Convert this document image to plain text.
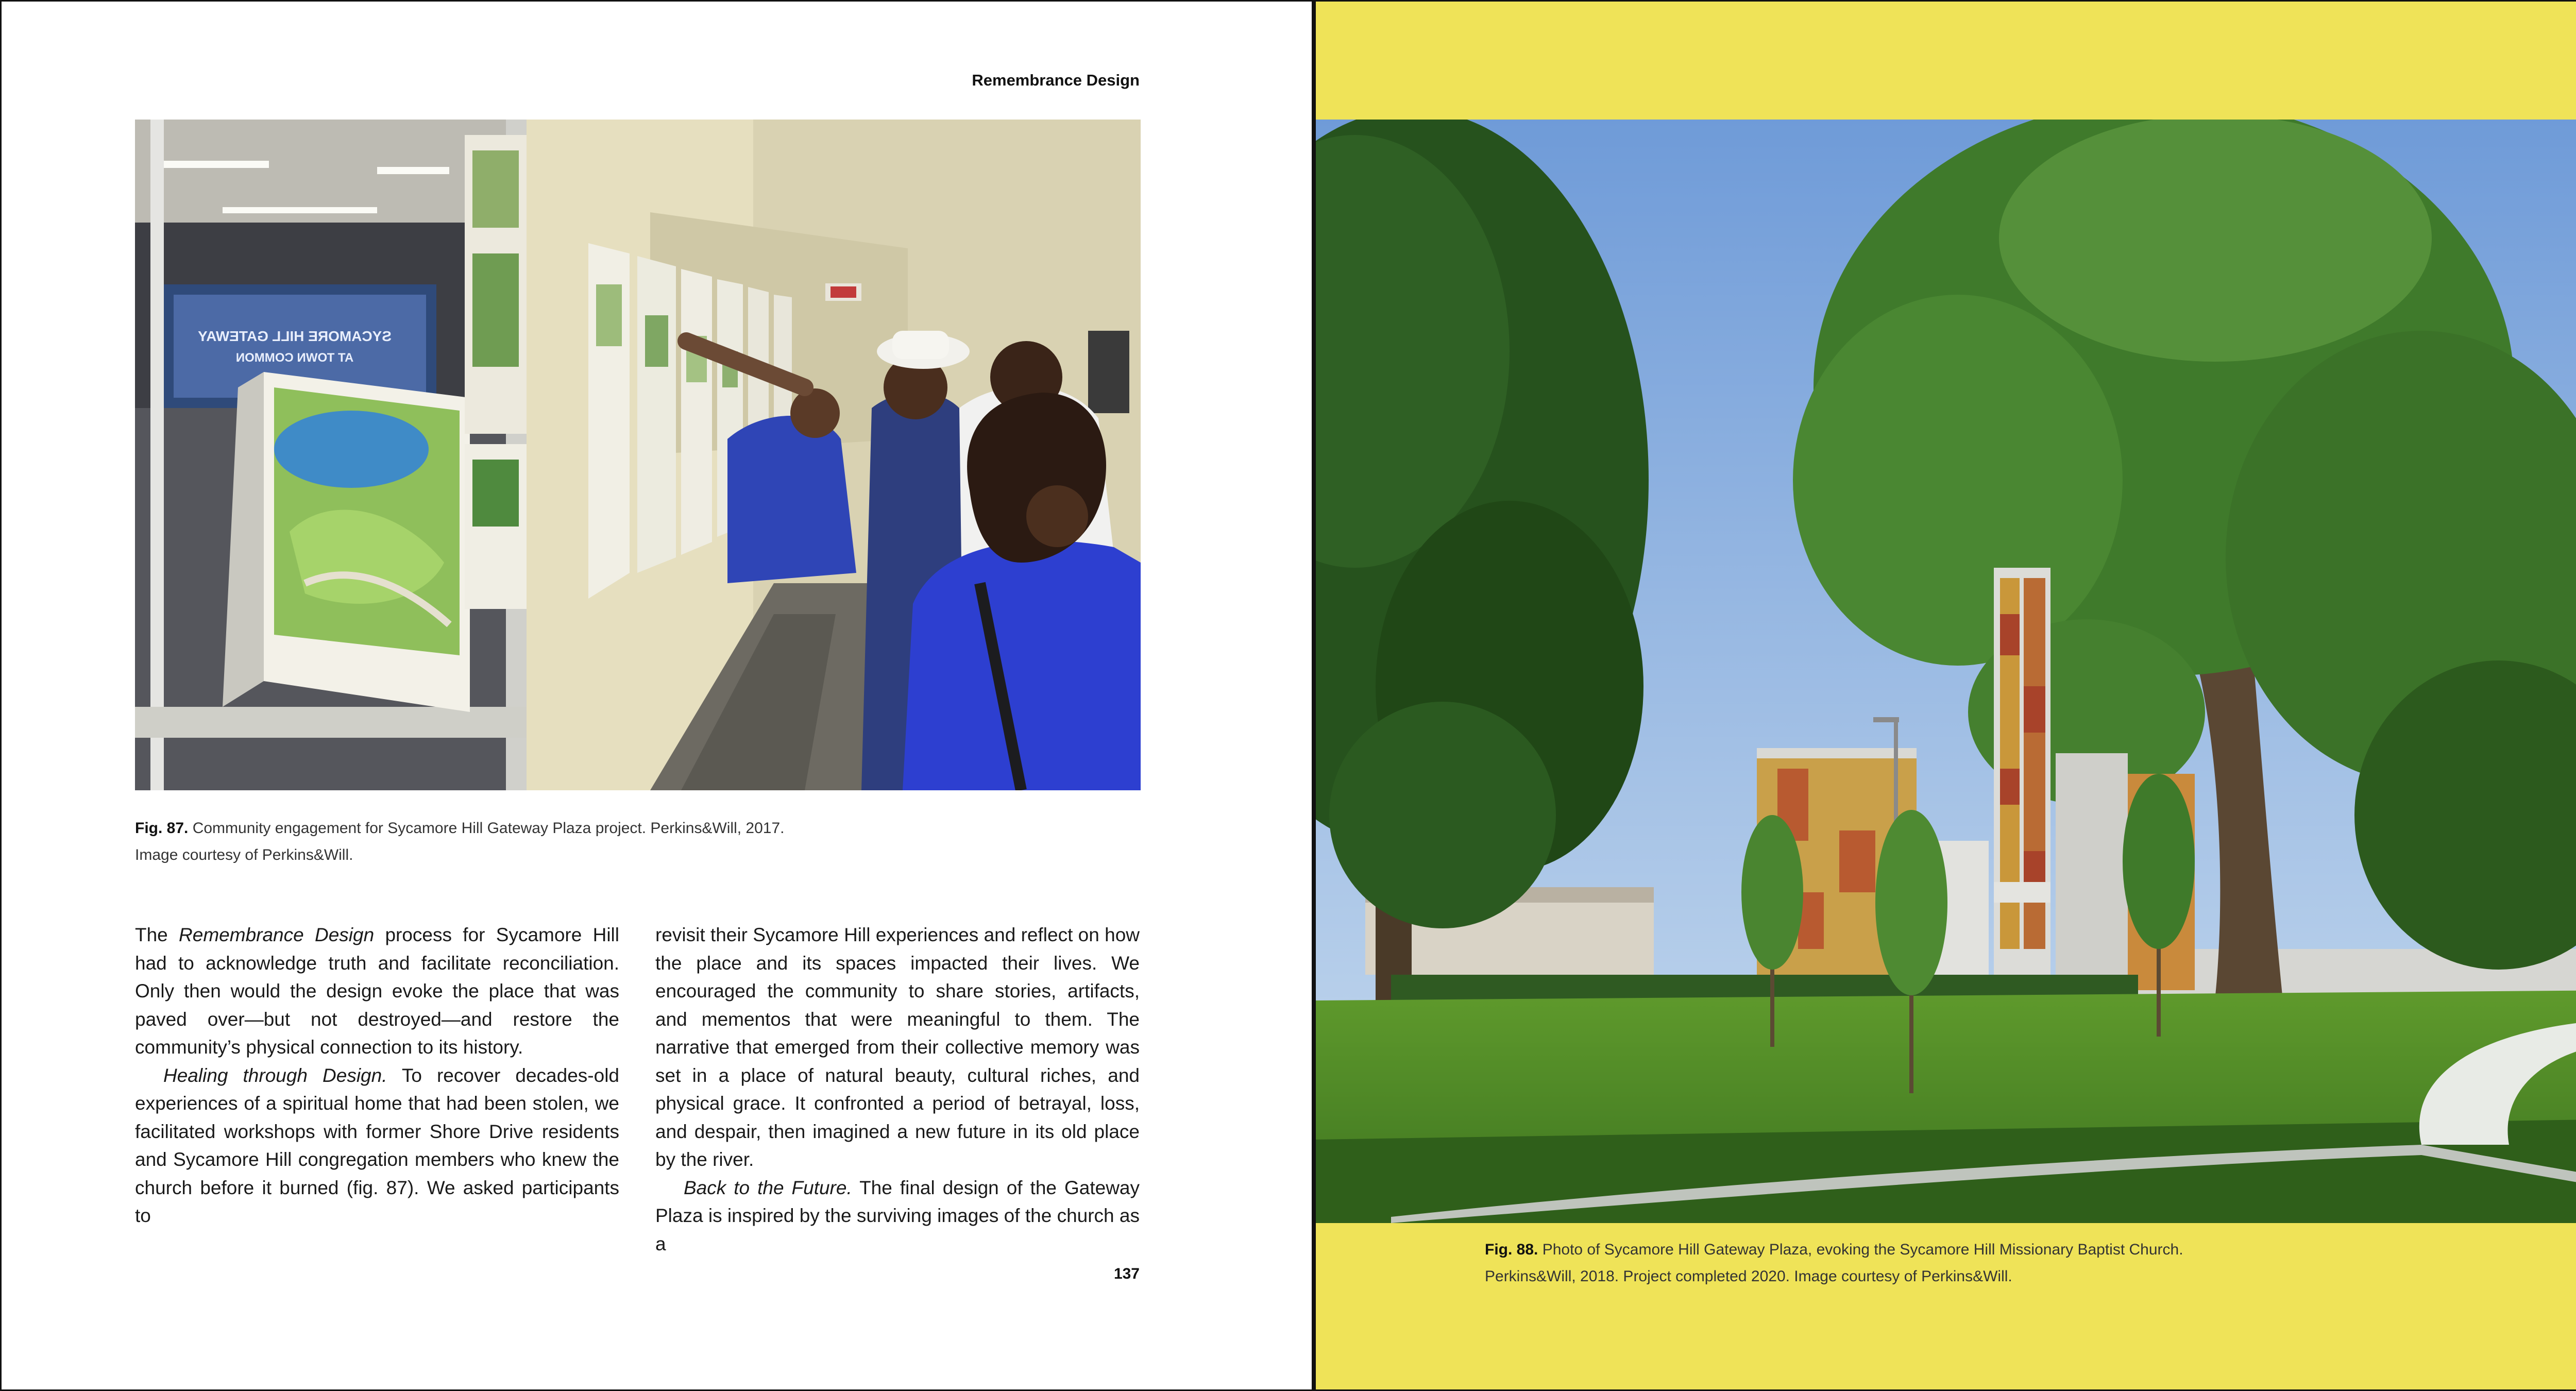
Remembrance Design
SYCAMORE HILL GATEWAY
AT TOWN COMMON
Fig. 87. Community engagement for Sycamore Hill Gateway Plaza project. Perkins&Will, 2017.
Image courtesy of Perkins&Will.

The Remembrance Design process for Sycamore Hill had to acknowledge truth and facilitate reconciliation. Only then would the design evoke the place that was paved over—but not destroyed—and restore the community’s physical connection to its history.

Healing through Design. To recover decades-old experiences of a spiritual home that had been stolen, we facilitated workshops with former Shore Drive residents and Sycamore Hill congregation members who knew the church before it burned (fig. 87). We asked participants to

revisit their Sycamore Hill experiences and reflect on how the place and its spaces impacted their lives. We encouraged the community to share stories, artifacts, and mementos that were meaningful to them. The narrative that emerged from their collective memory was set in a place of natural beauty, cultural riches, and physical grace. It confronted a period of betrayal, loss, and despair, then imagined a new future in its old place by the river.

Back to the Future. The final design of the Gateway Plaza is inspired by the surviving images of the church as a

137
Fig. 88. Photo of Sycamore Hill Gateway Plaza, evoking the Sycamore Hill Missionary Baptist Church.
Perkins&Will, 2018. Project completed 2020. Image courtesy of Perkins&Will.
